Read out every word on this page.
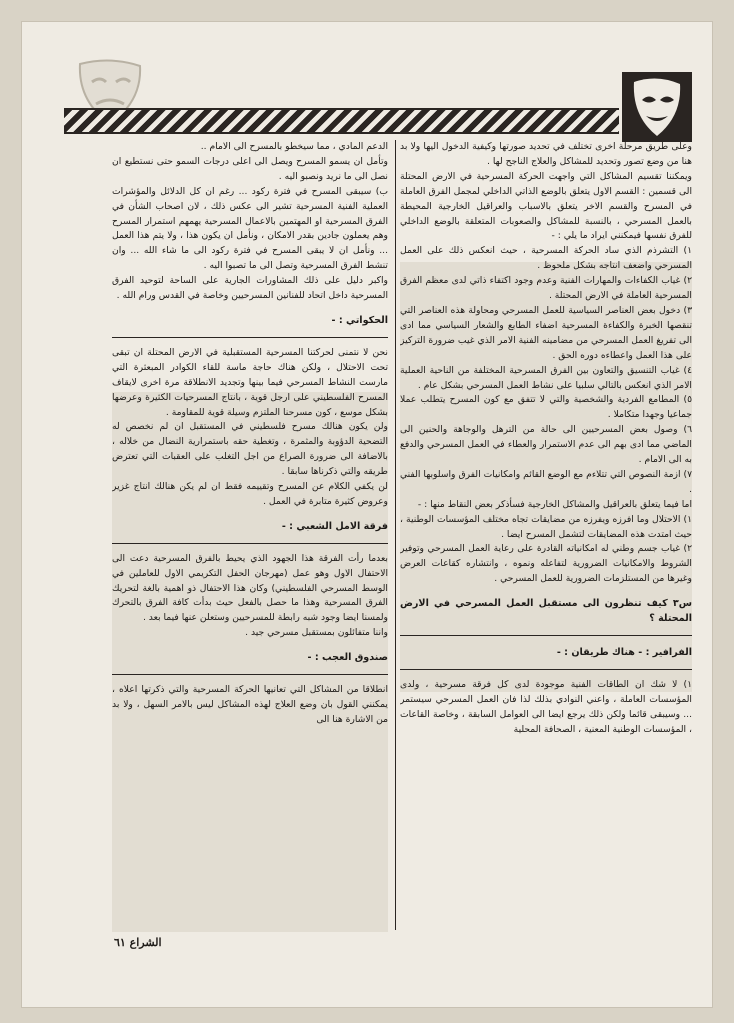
وعلى طريق مرحلة اخرى تختلف في تحديد صورتها وكيفية الدخول اليها ولا بد هنا من وضع تصور وتحديد للمشاكل والعلاج الناجح لها .

ويمكننا تقسيم المشاكل التي واجهت الحركة المسرحية في الارض المحتلة الى قسمين : القسم الاول يتعلق بالوضع الذاتي الداخلي لمجمل الفرق العاملة في المسرح والقسم الاخر يتعلق بالاسباب والعراقيل الخارجية المحيطة بالعمل المسرحي ، بالنسبة للمشاكل والصعوبات المتعلقة بالوضع الداخلي للفرق نفسها فيمكنني ايراد ما يلي : -

١) التشرذم الذي ساد الحركة المسرحية ، حيث انعكس ذلك على العمل المسرحي واضعف انتاجه بشكل ملحوظ .

٢) غياب الكفاءات والمهارات الفنية وعدم وجود اكتفاء ذاتي لدى معظم الفرق المسرحية العاملة في الارض المحتلة .

٣) دخول بعض العناصر السياسية للعمل المسرحي ومحاولة هذه العناصر التي تنقصها الخبرة والكفاءة المسرحية اضفاء الطابع والشعار السياسي مما ادى الى تفريغ العمل المسرحي من مضامينه الفنية الامر الذي غيب ضرورة التركيز على هذا العمل واعطاءه دوره الحق .

٤) غياب التنسيق والتعاون بين الفرق المسرحية المختلفة من الناحية العملية الامر الذي انعكس بالتالي سلبيا على نشاط العمل المسرحي بشكل عام .

٥) المطامع الفردية والشخصية والتي لا تتفق مع كون المسرح يتطلب عملا جماعيا وجهدا متكاملا .

٦) وصول بعض المسرحيين الى حالة من الترهل والوجاهة والحنين الى الماضي مما ادى بهم الى عدم الاستمرار والعطاء في العمل المسرحي والدفع به الى الامام .

٧) ازمة النصوص التي تتلاءم مع الوضع القائم وامكانيات الفرق واسلوبها الفني .

اما فيما يتعلق بالعراقيل والمشاكل الخارجية فسأذكر بعض النقاط منها : -

١) الاحتلال وما افرزه ويفرزه من مضايقات تجاه مختلف المؤسسات الوطنية ، حيث امتدت هذه المضايقات لتشمل المسرح ايضا .

٢) غياب جسم وطني له امكانياته القادرة على رعاية العمل المسرحي وتوفير الشروط والامكانيات الضرورية لتفاعله ونموه ، وانتشاره كقاعات العرض وغيرها من المستلزمات الضرورية للعمل المسرحي .

س٣ كيف تنظرون الى مستقبل العمل المسرحي في الارض المحتلة ؟

الفرافير : - هناك طريقان : -

١) لا شك ان الطاقات الفنية موجودة لدى كل فرقة مسرحية ، ولدى المؤسسات العاملة ، واعني النوادي بذلك لذا فان العمل المسرحي سيستمر ... وسيبقى قائما ولكن ذلك يرجع ايضا الى العوامل السابقة ، وخاصة القاعات ، المؤسسات الوطنية المعنية ، الصحافة المحلية

الدعم المادي ، مما سيخطو بالمسرح الى الامام ..

وتأمل ان يسمو المسرح ويصل الى اعلى درجات السمو حتى نستطيع ان نصل الى ما نريد ونصبو اليه .

ب) سيبقى المسرح في فترة ركود ... رغم ان كل الدلائل والمؤشرات العملية الفنية المسرحية تشير الى عكس ذلك ، لان اصحاب الشأن في الفرق المسرحية او المهتمين بالاعمال المسرحية يهمهم استمرار المسرح وهم يعملون جادين بقدر الامكان ، ونأمل ان يكون هذا ، ولا يتم هذا العمل ... ونأمل ان لا يبقى المسرح في فترة ركود الى ما شاء الله ... وان تنشط الفرق المسرحية وتصل الى ما تصبوا اليه .

واكبر دليل على ذلك المشاورات الجارية على الساحة لتوحيد الفرق المسرحية داخل اتحاد للفنانين المسرحيين وخاصة في القدس ورام الله .

الحكواتي : -

نحن لا نتمنى لحركتنا المسرحية المستقبلية في الارض المحتلة ان تبقى تحت الاحتلال ، ولكن هناك حاجة ماسة للقاء الكوادر المبعثرة التي مارست النشاط المسرحي فيما بينها وتجديد الانطلاقة مرة اخرى لايقاف المسرح الفلسطيني على ارجل قوية ، بانتاج المسرحيات الكثيرة وعرضها بشكل موسع ، كون مسرحنا الملتزم وسيلة قوية للمقاومة .

ولن يكون هنالك مسرح فلسطيني في المستقبل ان لم نخصص له التضحية الدؤوبة والمثمرة ، وتغطية حقه باستمرارية النضال من خلاله ، بالاضافة الى ضرورة الصراع من اجل التغلب على العقبات التي تعترض طريقه والتي ذكرناها سابقا .

لن يكفي الكلام عن المسرح وتقييمه فقط ان لم يكن هنالك انتاج غزير وعروض كثيرة متابرة في العمل .

فرقة الامل الشعبي : -

بعدما رأت الفرقة هذا الجهود الذي يحيط بالفرق المسرحية دعت الى الاحتفال الاول وهو عمل (مهرجان الحفل التكريمي الاول للعاملين في الوسط المسرحي الفلسطيني) وكان هذا الاحتفال ذو اهمية بالغة لتحريك الفرق المسرحية وهذا ما حصل بالفعل حيث بدأت كافة الفرق بالتحرك ولمسنا ايضا وجود شبه رابطة للمسرحيين وستعلن عنها فيما بعد .

واننا متفائلون بمستقبل مسرحي جيد .

صندوق العجب : -

انطلاقا من المشاكل التي تعانيها الحركة المسرحية والتي ذكرتها اعلاه ، يمكنني القول بان وضع العلاج لهذه المشاكل ليس بالامر السهل ، ولا بد من الاشارة هنا الى

الشراع ٦١
